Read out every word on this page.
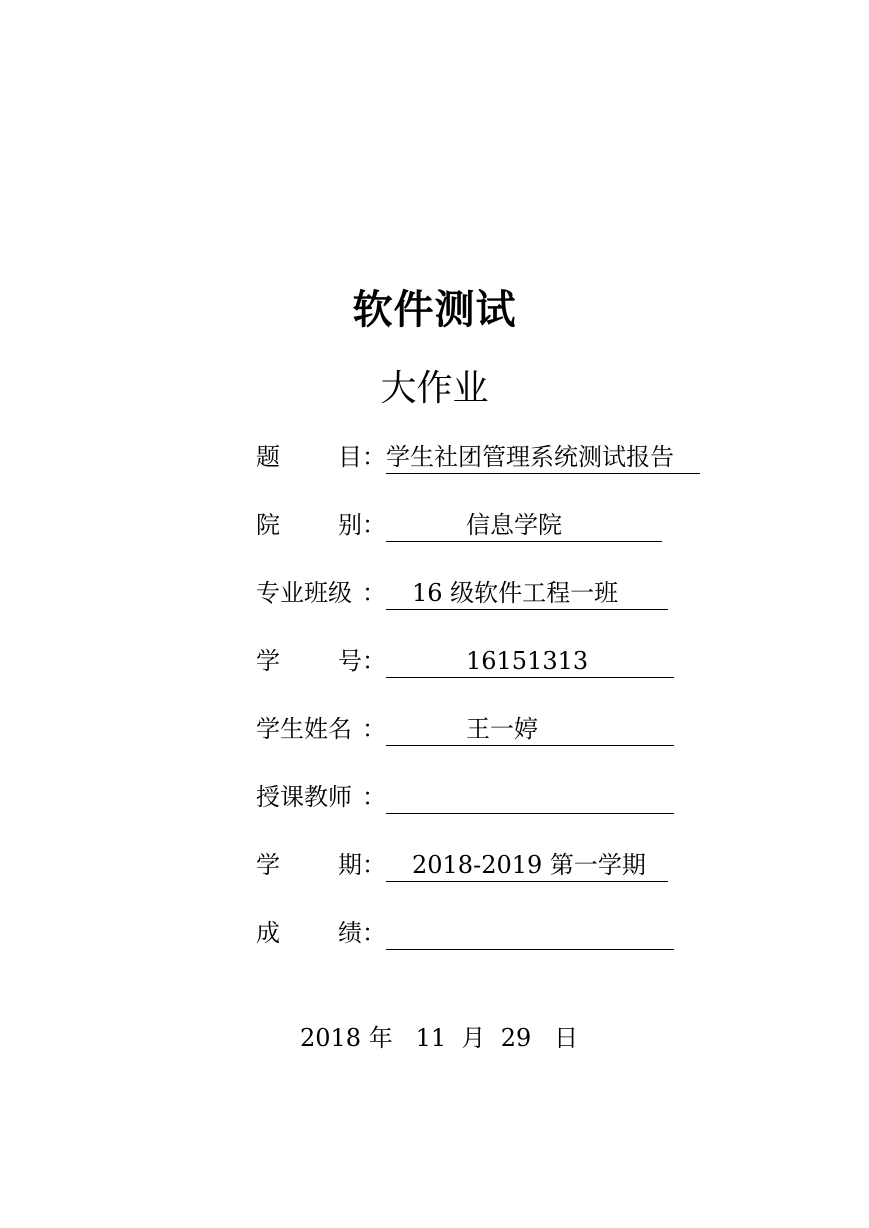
软件测试
大作业
题 目： 学生社团管理系统测试报告
院 别：	信息学院
专业班级 ： 16 级软件工程一班
学 号：	16151313
学生姓名 ：	王一婷
授课教师 ：
学 期： 2018-2019 第一学期
成 绩：
2018 年 11 月 29 日
